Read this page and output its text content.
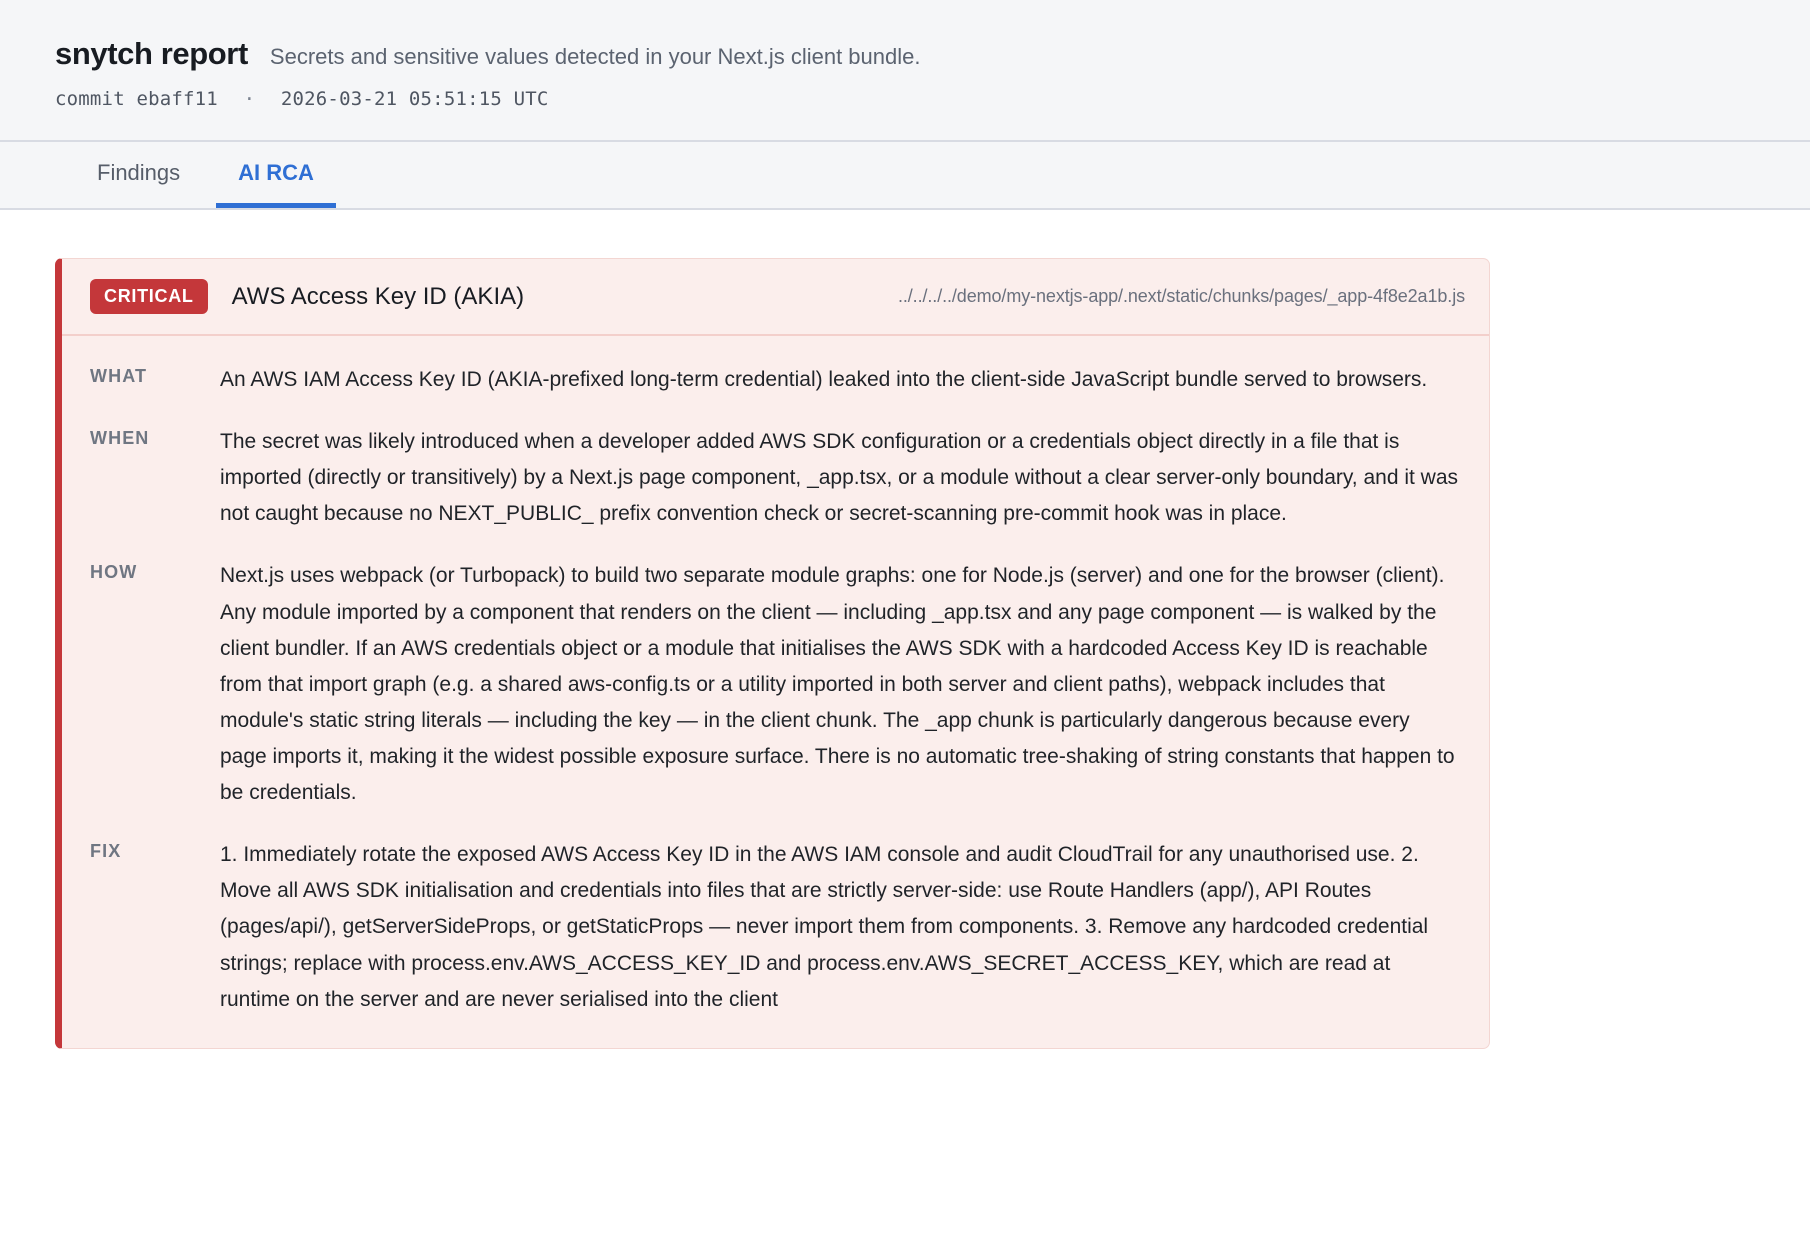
snytch report Secrets and sensitive values detected in your Next.js client bundle.
commit ebaff11 · 2026-03-21 05:51:15 UTC
Findings	AI RCA
CRITICAL	AWS Access Key ID (AKIA)	../../../../demo/my-nextjs-app/.next/static/chunks/pages/_app-4f8e2a1b.js
WHAT	An AWS IAM Access Key ID (AKIA-prefixed long-term credential) leaked into the client-side JavaScript bundle served to browsers.
WHEN	The secret was likely introduced when a developer added AWS SDK configuration or a credentials object directly in a file that is imported (directly or transitively) by a Next.js page component, _app.tsx, or a module without a clear server-only boundary, and it was not caught because no NEXT_PUBLIC_ prefix convention check or secret-scanning pre-commit hook was in place.
HOW	Next.js uses webpack (or Turbopack) to build two separate module graphs: one for Node.js (server) and one for the browser (client). Any module imported by a component that renders on the client — including _app.tsx and any page component — is walked by the client bundler. If an AWS credentials object or a module that initialises the AWS SDK with a hardcoded Access Key ID is reachable from that import graph (e.g. a shared aws-config.ts or a utility imported in both server and client paths), webpack includes that module's static string literals — including the key — in the client chunk. The _app chunk is particularly dangerous because every page imports it, making it the widest possible exposure surface. There is no automatic tree-shaking of string constants that happen to be credentials.
FIX	1. Immediately rotate the exposed AWS Access Key ID in the AWS IAM console and audit CloudTrail for any unauthorised use. 2. Move all AWS SDK initialisation and credentials into files that are strictly server-side: use Route Handlers (app/), API Routes (pages/api/), getServerSideProps, or getStaticProps — never import them from components. 3. Remove any hardcoded credential strings; replace with process.env.AWS_ACCESS_KEY_ID and process.env.AWS_SECRET_ACCESS_KEY, which are read at runtime on the server and are never serialised into the client
